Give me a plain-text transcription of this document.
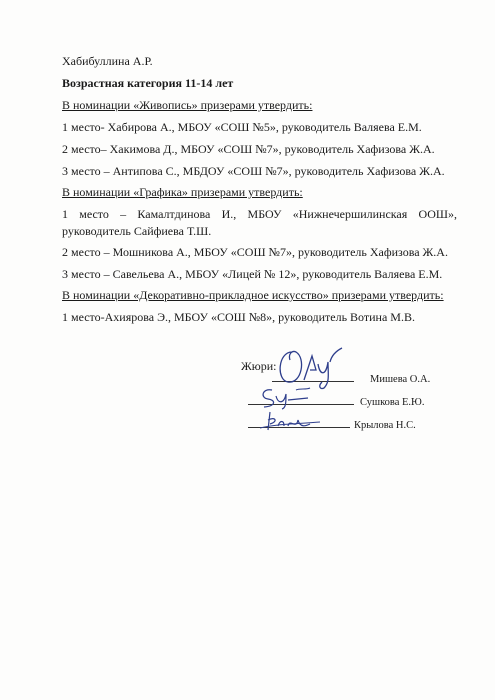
Хабибуллина А.Р.
Возрастная категория 11-14 лет
В номинации «Живопись» призерами утвердить:
1 место- Хабирова А., МБОУ «СОШ №5», руководитель Валяева Е.М.
2 место– Хакимова Д., МБОУ «СОШ №7», руководитель Хафизова Ж.А.
3 место – Антипова С., МБДОУ «СОШ №7», руководитель Хафизова Ж.А.
В номинации «Графика» призерами утвердить:
1 место – Камалтдинова И., МБОУ «Нижнечершилинская ООШ»,
руководитель Сайфиева Т.Ш.
2 место – Мошникова А., МБОУ «СОШ №7», руководитель Хафизова Ж.А.
3 место – Савельева А., МБОУ «Лицей № 12», руководитель Валяева Е.М.
В номинации «Декоративно-прикладное искусство» призерами утвердить:
1 место-Ахиярова Э., МБОУ «СОШ №8», руководитель Вотина М.В.
Жюри:
Мишева О.А.
Сушкова Е.Ю.
Крылова Н.С.
